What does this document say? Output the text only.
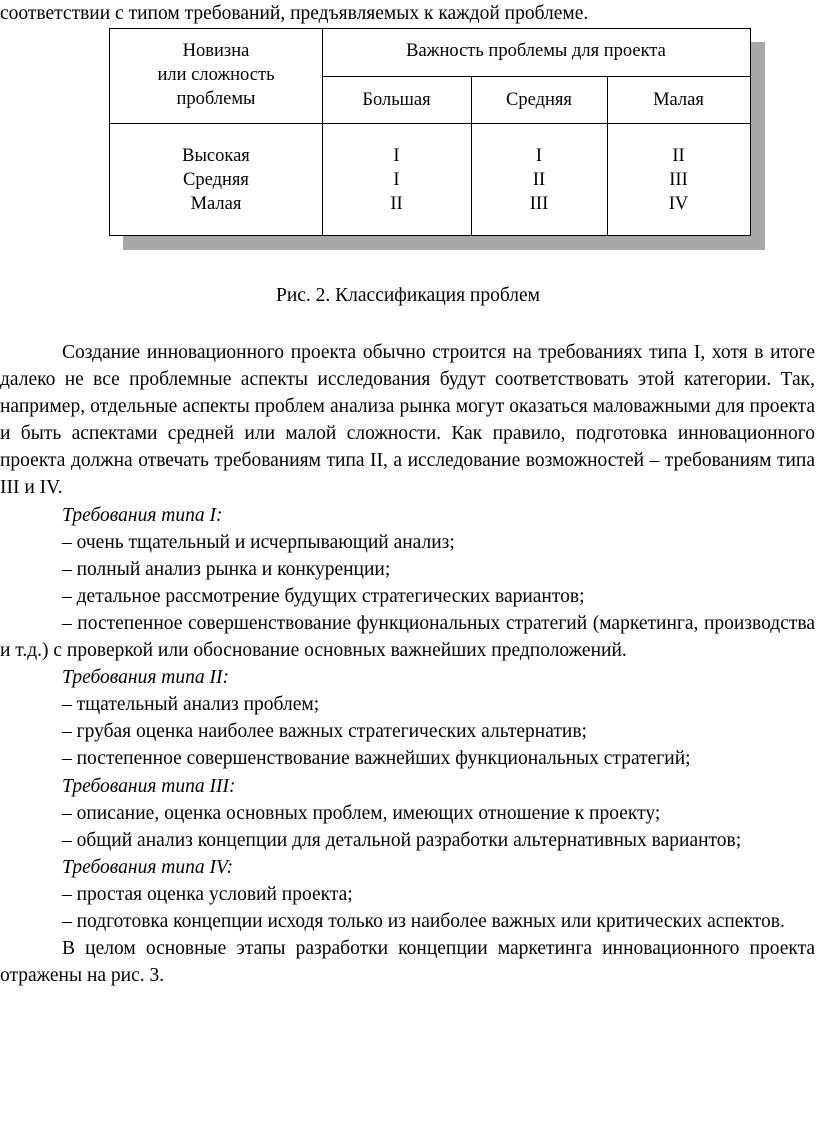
соответствии с типом требований, предъявляемых к каждой проблеме.
Новизна
или сложность
проблемы
Важность проблемы для проекта
Большая	Средняя	Малая
Высокая
Средняя
Малая
I
I
II
I
II
III
II
III
IV
Рис. 2. Классификация проблем

Создание инновационного проекта обычно строится на требованиях типа I, хотя в итоге далеко не все проблемные аспекты исследования будут соответствовать этой категории. Так, например, отдельные аспекты проблем анализа рынка могут оказаться маловажными для проекта и быть аспектами средней или малой сложности. Как правило, подготовка инновационного проекта должна отвечать требованиям типа II, а исследование возможностей – требованиям типа III и IV.

Требования типа I:

– очень тщательный и исчерпывающий анализ;

– полный анализ рынка и конкуренции;

– детальное рассмотрение будущих стратегических вариантов;

– постепенное совершенствование функциональных стратегий (маркетинга, производства и т.д.) с проверкой или обоснование основных важнейших предположений.

Требования типа II:

– тщательный анализ проблем;

– грубая оценка наиболее важных стратегических альтернатив;

– постепенное совершенствование важнейших функциональных стратегий;

Требования типа III:

– описание, оценка основных проблем, имеющих отношение к проекту;

– общий анализ концепции для детальной разработки альтернативных вариантов;

Требования типа IV:

– простая оценка условий проекта;

– подготовка концепции исходя только из наиболее важных или критических аспектов.

В целом основные этапы разработки концепции маркетинга инновационного проекта отражены на рис. 3.
